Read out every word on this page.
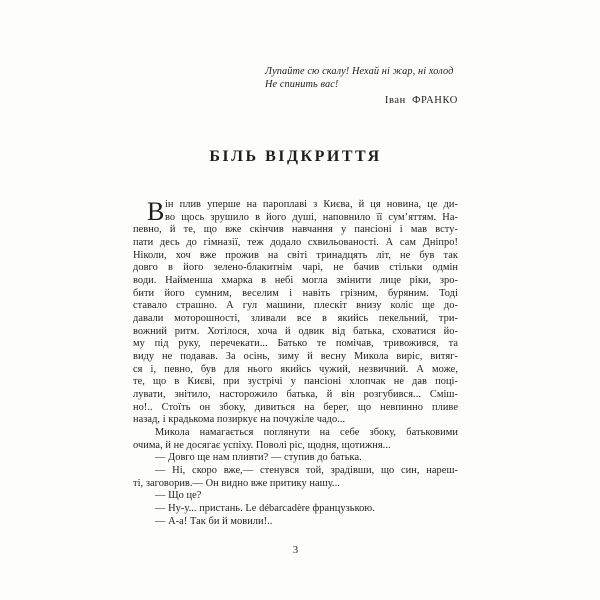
Лупайте сю скалу! Нехай ні жар, ні холод
Не спинить вас!
Іван ФРАНКО
БІЛЬ ВІДКРИТТЯ
В ін плив уперше на пароплаві з Києва, й ця новина, це ди-
во щось зрушило в його душі, наповнило її сум’яттям. На-
певно, й те, що вже скінчив навчання у пансіоні і мав всту-
пати десь до гімназії, теж додало схвильованості. А сам Дніпро!
Ніколи, хоч вже прожив на світі тринадцять літ, не був так
довго в його зелено-блакитнім чарі, не бачив стільки одмін
води. Найменша хмарка в небі могла змінити лице ріки, зро-
бити його сумним, веселим і навіть грізним, буряним. Тоді
ставало страшно. А гул машини, плескіт внизу коліс ще до-
давали моторошності, зливали все в якийсь пекельний, три-
вожний ритм. Хотілося, хоча й одвик від батька, сховатися йо-
му під руку, перечекати... Батько те помічав, тривожився, та
виду не подавав. За осінь, зиму й весну Микола виріс, витяг-
ся і, певно, був для нього якийсь чужий, незвичний. А може,
те, що в Києві, при зустрічі у пансіоні хлопчак не дав поці-
лувати, знітило, насторожило батька, й він розгубився... Сміш-
но!.. Стоїть он збоку, дивиться на берег, що невпинно пливе
назад, і крадькома позиркує на почужіле чадо...
Микола намагається поглянути на себе збоку, батьковими
очима, й не досягає успіху. Поволі ріс, щодня, щотижня...
— Довго ще нам пливти? — ступив до батька.
— Ні, скоро вже,— стенувся той, зрадівши, що син, нареш-
ті, заговорив.— Он видно вже притику нашу...
— Що це?
— Ну-у... пристань. Le débarcadère французькою.
— А-а! Так би й мовили!..
3
